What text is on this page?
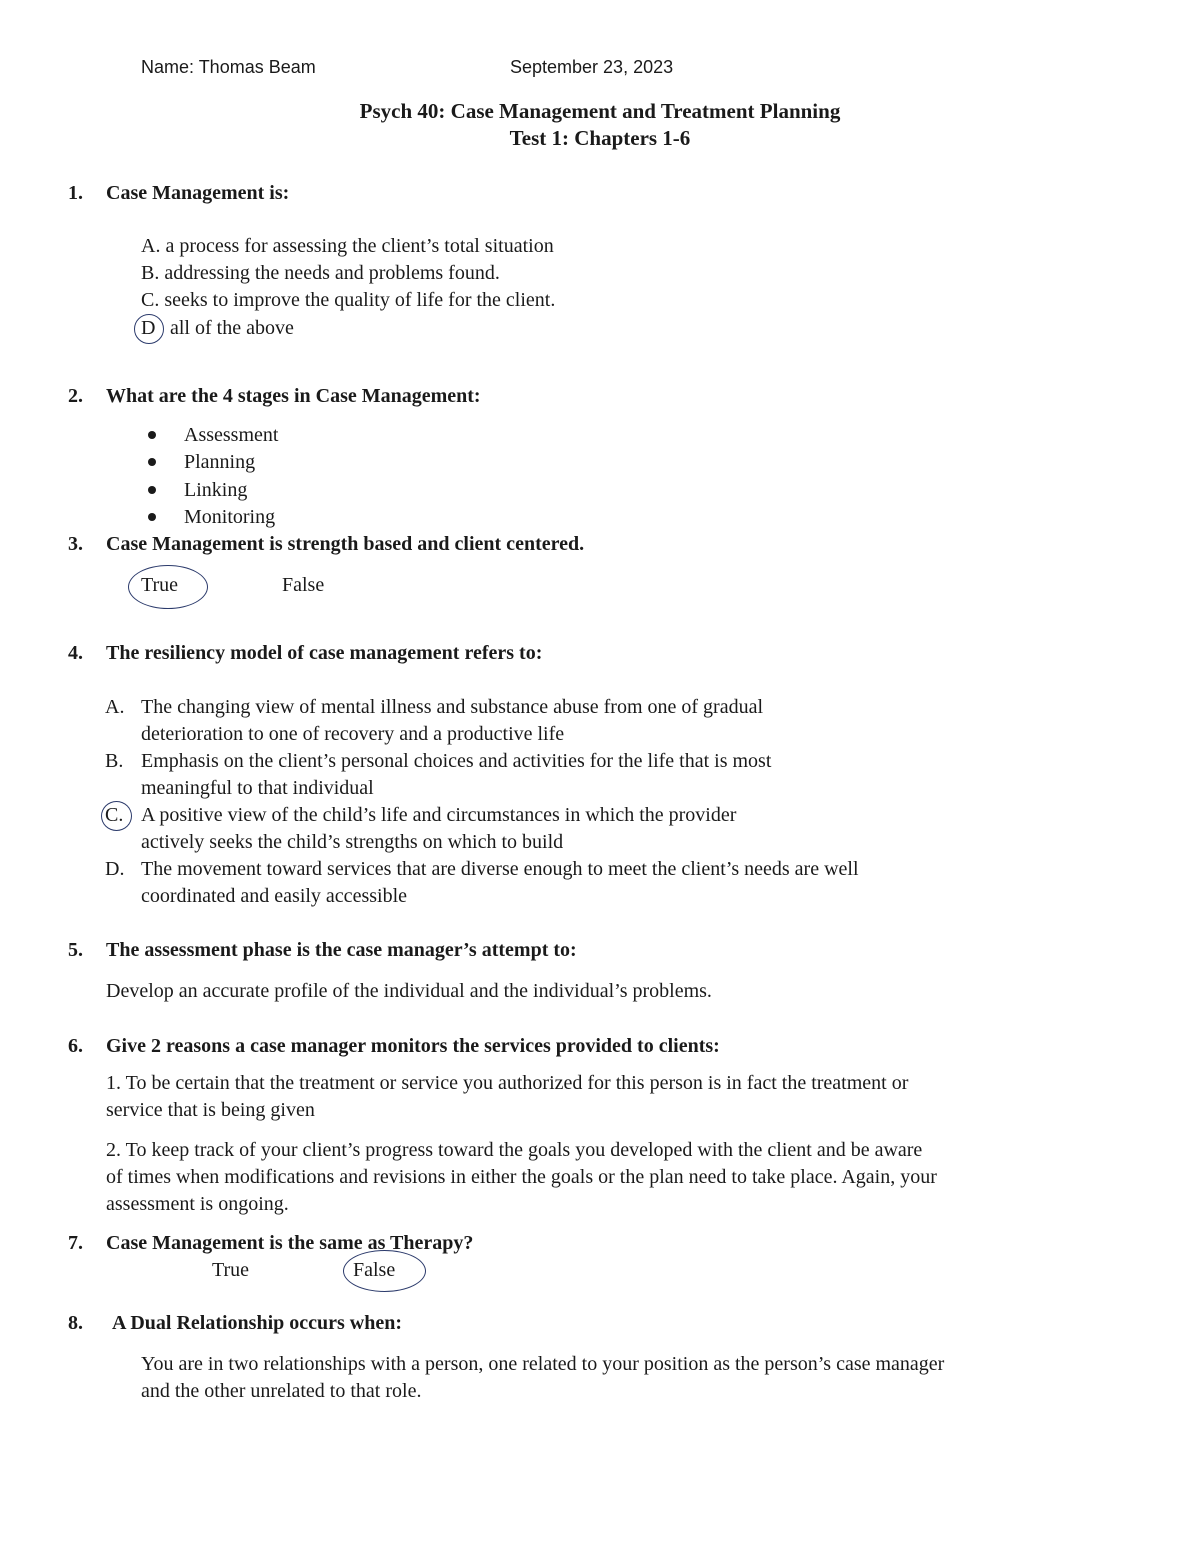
Name: Thomas Beam	September 23, 2023
Psych 40: Case Management and Treatment Planning
Test 1: Chapters 1-6
1. Case Management is:
A. a process for assessing the client’s total situation
B. addressing the needs and problems found.
C. seeks to improve the quality of life for the client.
D all of the above
2. What are the 4 stages in Case Management:
Assessment
Planning
Linking
Monitoring
3. Case Management is strength based and client centered.
True	False
4. The resiliency model of case management refers to:
A. The changing view of mental illness and substance abuse from one of gradual
deterioration to one of recovery and a productive life
B. Emphasis on the client’s personal choices and activities for the life that is most
meaningful to that individual
C. A positive view of the child’s life and circumstances in which the provider
actively seeks the child’s strengths on which to build
D. The movement toward services that are diverse enough to meet the client’s needs are well
coordinated and easily accessible
5. The assessment phase is the case manager’s attempt to:
Develop an accurate profile of the individual and the individual’s problems.
6. Give 2 reasons a case manager monitors the services provided to clients:
1. To be certain that the treatment or service you authorized for this person is in fact the treatment or
service that is being given
2. To keep track of your client’s progress toward the goals you developed with the client and be aware
of times when modifications and revisions in either the goals or the plan need to take place. Again, your
assessment is ongoing.
7. Case Management is the same as Therapy?
True	False
8. A Dual Relationship occurs when:
You are in two relationships with a person, one related to your position as the person’s case manager
and the other unrelated to that role.
